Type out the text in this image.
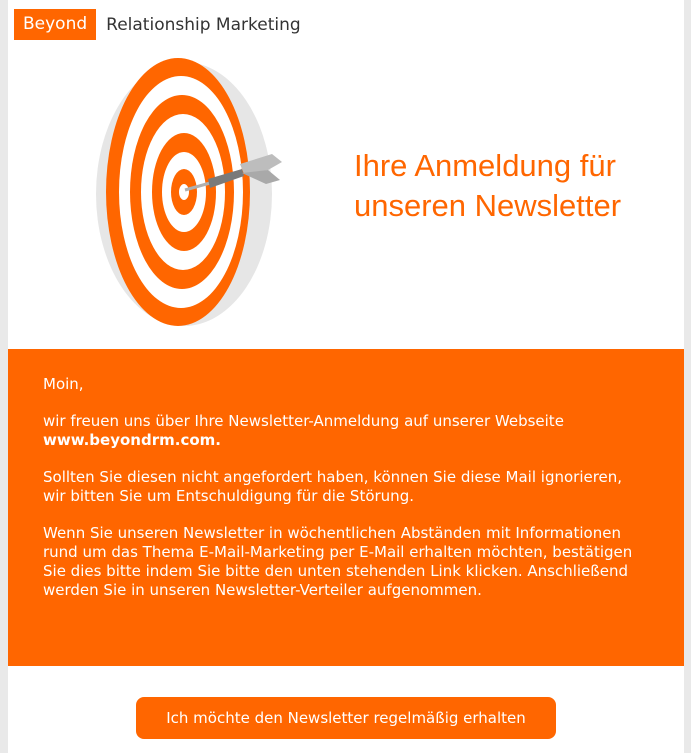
Beyond	Relationship Marketing
Ihre Anmeldung für
unseren Newsletter

Moin,

wir freuen uns über Ihre Newsletter-Anmeldung auf unserer Webseite
www.beyondrm.com.

Sollten Sie diesen nicht angefordert haben, können Sie diese Mail ignorieren, wir bitten Sie um Entschuldigung für die Störung.

Wenn Sie unseren Newsletter in wöchentlichen Abständen mit Informationen rund um das Thema E-Mail-Marketing per E-Mail erhalten möchten, bestätigen Sie dies bitte indem Sie bitte den unten stehenden Link klicken. Anschließend werden Sie in unseren Newsletter-Verteiler aufgenommen.

Ich möchte den Newsletter regelmäßig erhalten
